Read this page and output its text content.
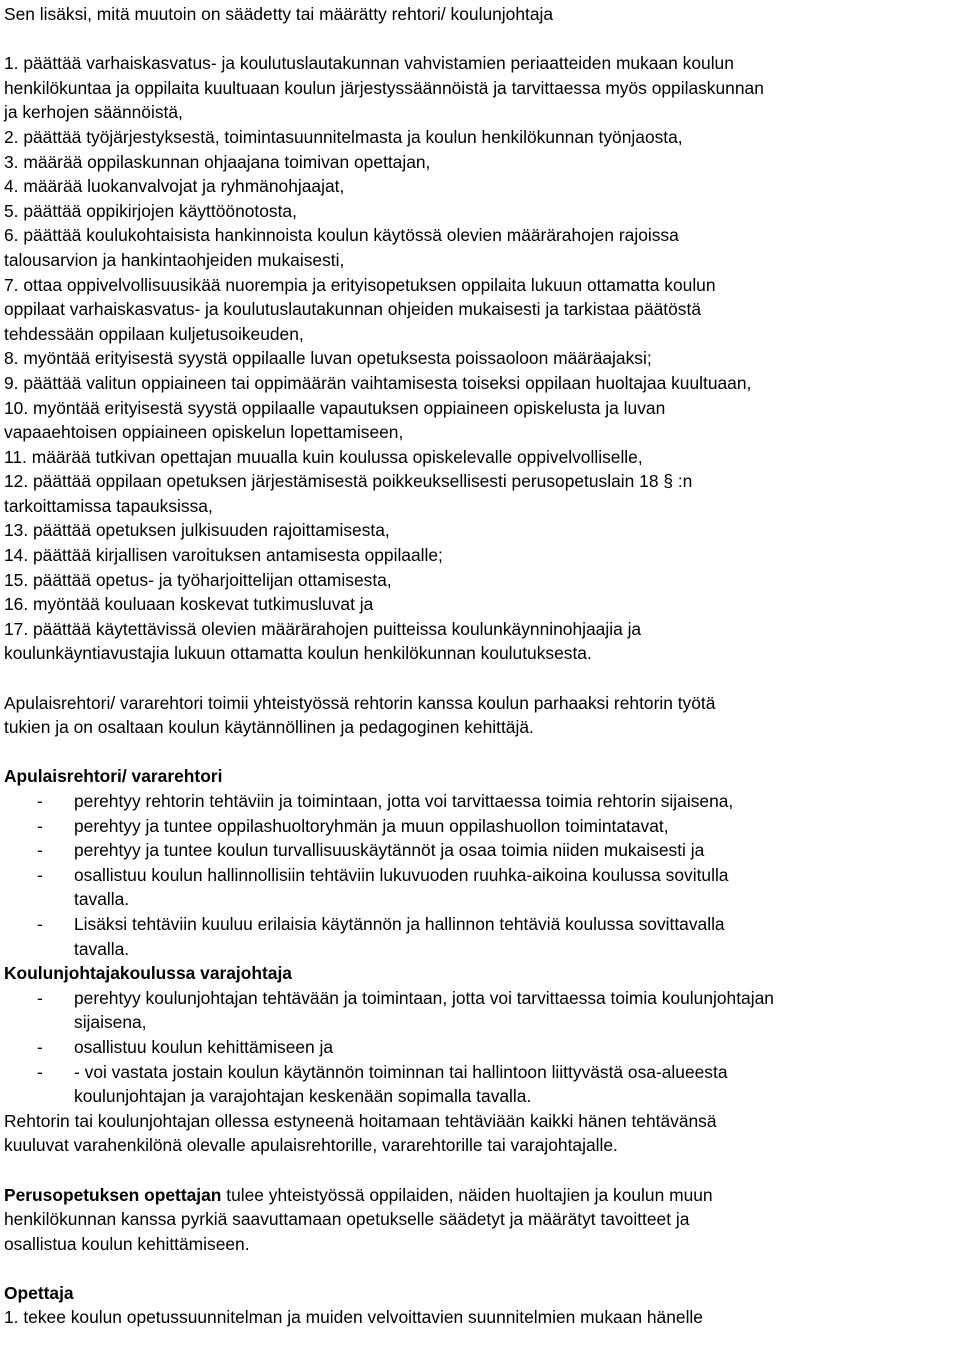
Sen lisäksi, mitä muutoin on säädetty tai määrätty rehtori/ koulunjohtaja
1. päättää varhaiskasvatus- ja koulutuslautakunnan vahvistamien periaatteiden mukaan koulun
henkilökuntaa ja oppilaita kuultuaan koulun järjestyssäännöistä ja tarvittaessa myös oppilaskunnan
ja kerhojen säännöistä,
2. päättää työjärjestyksestä, toimintasuunnitelmasta ja koulun henkilökunnan työnjaosta,
3. määrää oppilaskunnan ohjaajana toimivan opettajan,
4. määrää luokanvalvojat ja ryhmänohjaajat,
5. päättää oppikirjojen käyttöönotosta,
6. päättää koulukohtaisista hankinnoista koulun käytössä olevien määrärahojen rajoissa
talousarvion ja hankintaohjeiden mukaisesti,
7. ottaa oppivelvollisuusikää nuorempia ja erityisopetuksen oppilaita lukuun ottamatta koulun
oppilaat varhaiskasvatus- ja koulutuslautakunnan ohjeiden mukaisesti ja tarkistaa päätöstä
tehdessään oppilaan kuljetusoikeuden,
8. myöntää erityisestä syystä oppilaalle luvan opetuksesta poissaoloon määräajaksi;
9. päättää valitun oppiaineen tai oppimäärän vaihtamisesta toiseksi oppilaan huoltajaa kuultuaan,
10. myöntää erityisestä syystä oppilaalle vapautuksen oppiaineen opiskelusta ja luvan
vapaaehtoisen oppiaineen opiskelun lopettamiseen,
11. määrää tutkivan opettajan muualla kuin koulussa opiskelevalle oppivelvolliselle,
12. päättää oppilaan opetuksen järjestämisestä poikkeuksellisesti perusopetuslain 18 § :n
tarkoittamissa tapauksissa,
13. päättää opetuksen julkisuuden rajoittamisesta,
14. päättää kirjallisen varoituksen antamisesta oppilaalle;
15. päättää opetus- ja työharjoittelijan ottamisesta,
16. myöntää kouluaan koskevat tutkimusluvat ja
17. päättää käytettävissä olevien määrärahojen puitteissa koulunkäynninohjaajia ja
koulunkäyntiavustajia lukuun ottamatta koulun henkilökunnan koulutuksesta.
Apulaisrehtori/ vararehtori toimii yhteistyössä rehtorin kanssa koulun parhaaksi rehtorin työtä
tukien ja on osaltaan koulun käytännöllinen ja pedagoginen kehittäjä.
Apulaisrehtori/ vararehtori
-	perehtyy rehtorin tehtäviin ja toimintaan, jotta voi tarvittaessa toimia rehtorin sijaisena,
-	perehtyy ja tuntee oppilashuoltoryhmän ja muun oppilashuollon toimintatavat,
-	perehtyy ja tuntee koulun turvallisuuskäytännöt ja osaa toimia niiden mukaisesti ja
-	osallistuu koulun hallinnollisiin tehtäviin lukuvuoden ruuhka-aikoina koulussa sovitulla
tavalla.
-	Lisäksi tehtäviin kuuluu erilaisia käytännön ja hallinnon tehtäviä koulussa sovittavalla
tavalla.
Koulunjohtajakoulussa varajohtaja
-	perehtyy koulunjohtajan tehtävään ja toimintaan, jotta voi tarvittaessa toimia koulunjohtajan
sijaisena,
-	osallistuu koulun kehittämiseen ja
-	- voi vastata jostain koulun käytännön toiminnan tai hallintoon liittyvästä osa-alueesta
koulunjohtajan ja varajohtajan keskenään sopimalla tavalla.
Rehtorin tai koulunjohtajan ollessa estyneenä hoitamaan tehtäviään kaikki hänen tehtävänsä
kuuluvat varahenkilönä olevalle apulaisrehtorille, vararehtorille tai varajohtajalle.
Perusopetuksen opettajan tulee yhteistyössä oppilaiden, näiden huoltajien ja koulun muun
henkilökunnan kanssa pyrkiä saavuttamaan opetukselle säädetyt ja määrätyt tavoitteet ja
osallistua koulun kehittämiseen.
Opettaja
1. tekee koulun opetussuunnitelman ja muiden velvoittavien suunnitelmien mukaan hänelle
